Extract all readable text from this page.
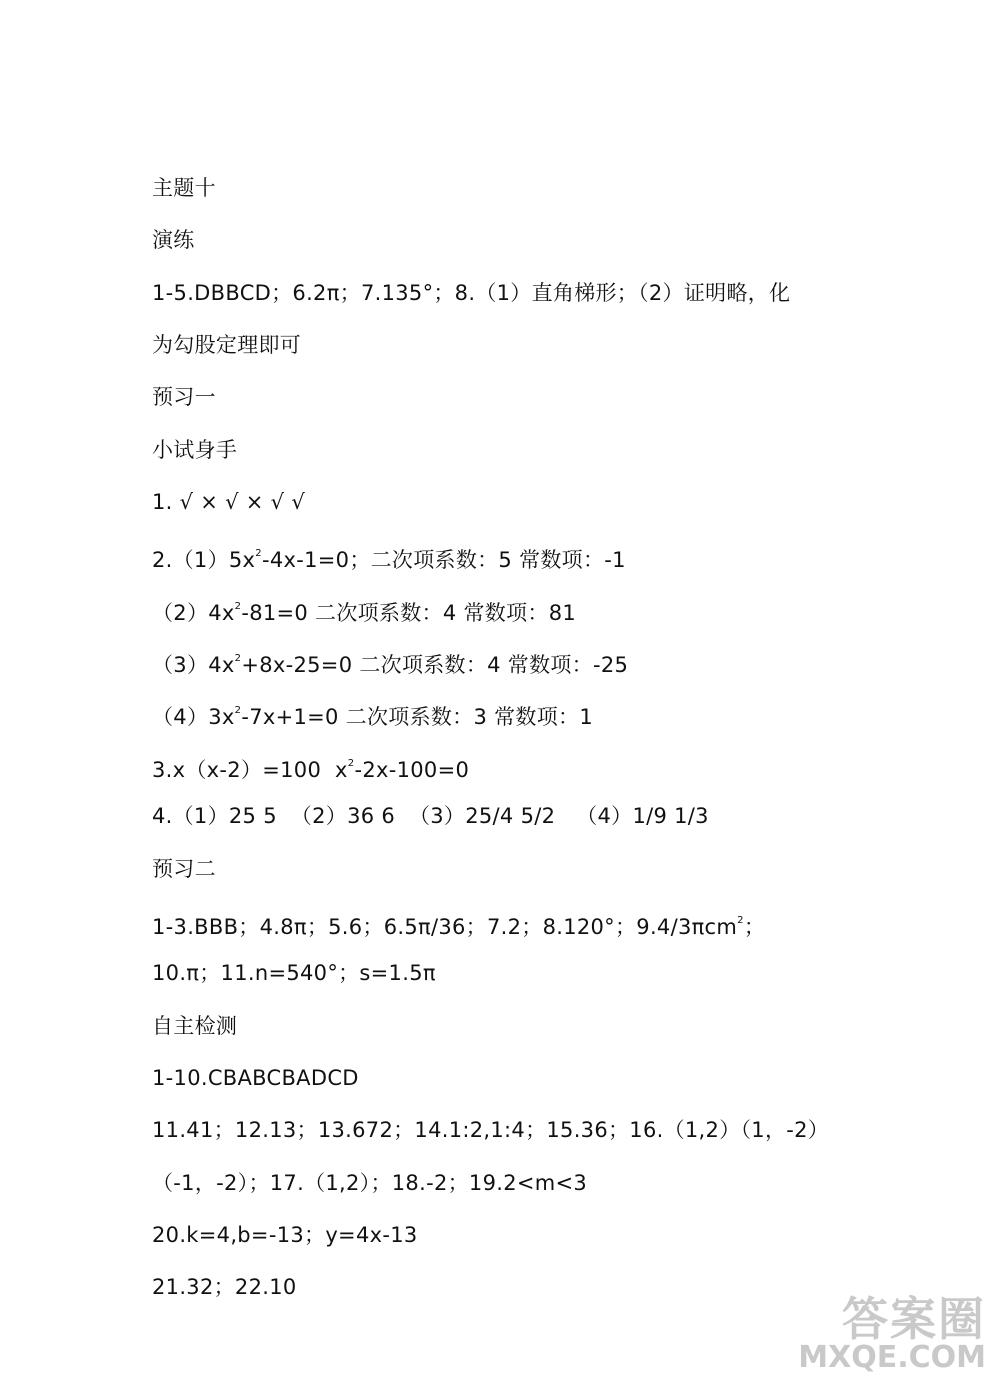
主题十
演练
1-5.DBBCD；6.2π；7.135°；8.（1）直角梯形；（2）证明略，化
为勾股定理即可
预习一
小试身手
1. √ × √ × √ √
$2.(1)5x^2-4x-1=0$；二次项系数：5 常数项：-1
$(2)4x^2-81=0$ 二次项系数：4 常数项：81
$(3)4x^2+8x-25=0$ 二次项系数：4 常数项：-25
$(4)3x^2-7x+1=0$ 二次项系数：3 常数项：1
3.x（x-2）=100  $x^2-2x-100=0$
4.（1）25 5  （2）36 6  （3）25/4 5/2   （4）1/9 1/3
预习二
1-3.BBB；4.8π；5.6；6.5π/36；7.2；8.120°；9.4/3πcm$^2$；
10.π；11.n=540°；s=1.5π
自主检测
1-10.CBABCBADCD
11.41；12.13；13.672；14.1:2,1:4；15.36；16.（1,2）（1，-2）
（-1，-2）；17.（1,2）；18.-2；19.2<m<3
20.k=4,b=-13；y=4x-13
21.32；22.10
答案圈
MXQE.COM
